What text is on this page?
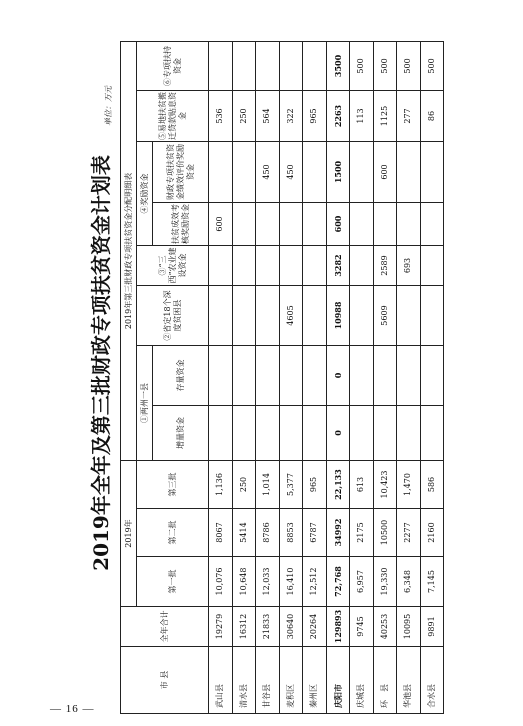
— 16 —
2019年全年及第三批财政专项扶贫资金计划表
单位：万元
市 县	全年合计	2019年			2019年第三批财政专项扶贫资金分配明细表							
		第一批	第二批	第三批	①两州一县		②省定18个深度贫困县	③“三西”农业建设资金	④奖励资金		⑤易地扶贫搬迁贷款贴息资金	⑥专项扶持资金
					增量资金	存量资金			扶贫成效考核奖励资金	财政专项扶贫资金绩效评价奖励资金		

武山县	19279	10,076	8067	1,136					600		536	
清水县	16312	10,648	5414	250							250	
甘谷县	21833	12,033	8786	1,014						450	564	
麦积区	30640	16,410	8853	5,377			4605			450	322	
秦州区	20264	12,512	6787	965							965	
庆阳市	129893	72,768	34992	22,133	0	0	10988	3282	600	1500	2263	3500
庆城县	9745	6,957	2175	613							113	500
环　县	40253	19,330	10500	10,423			5609	2589		600	1125	500
华池县	10095	6,348	2277	1,470				693			277	500
合水县	9891	7,145	2160	586							86	500
